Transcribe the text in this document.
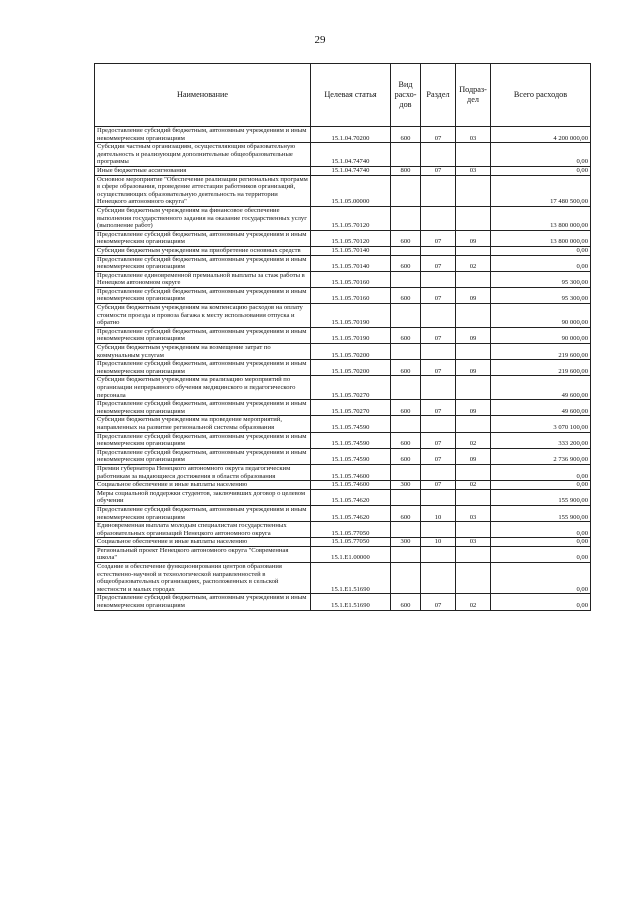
29
Наименование	Целевая статья	Вид расхо- дов	Раздел	Подраз- дел	Всего расходов
Предоставление субсидий бюджетным, автономным учреждениям и иным некоммерческим организациям	15.1.04.70200	600	07	03	4 200 000,00
Субсидии частным организациям, осуществляющим образовательную деятельность и реализующим дополнительные общеобразовательные программы	15.1.04.74740				0,00
Иные бюджетные ассигнования	15.1.04.74740	800	07	03	0,00
Основное мероприятие "Обеспечение реализации региональных программ в сфере образования, проведение аттестации работников организаций, осуществляющих образовательную деятельность на территории Ненецкого автономного округа"	15.1.05.00000				17 480 500,00
Субсидии бюджетным учреждениям на финансовое обеспечение выполнения государственного задания на оказание государственных услуг (выполнение работ)	15.1.05.70120				13 800 000,00
Предоставление субсидий бюджетным, автономным учреждениям и иным некоммерческим организациям	15.1.05.70120	600	07	09	13 800 000,00
Субсидии бюджетным учреждениям на приобретение основных средств	15.1.05.70140				0,00
Предоставление субсидий бюджетным, автономным учреждениям и иным некоммерческим организациям	15.1.05.70140	600	07	02	0,00
Предоставление единовременной премиальной выплаты за стаж работы в Ненецком автономном округе	15.1.05.70160				95 300,00
Предоставление субсидий бюджетным, автономным учреждениям и иным некоммерческим организациям	15.1.05.70160	600	07	09	95 300,00
Субсидии бюджетным учреждениям на компенсацию расходов на оплату стоимости проезда и провоза багажа к месту использования отпуска и обратно	15.1.05.70190				90 000,00
Предоставление субсидий бюджетным, автономным учреждениям и иным некоммерческим организациям	15.1.05.70190	600	07	09	90 000,00
Субсидии бюджетным учреждениям на возмещение затрат по коммунальным услугам	15.1.05.70200				219 600,00
Предоставление субсидий бюджетным, автономным учреждениям и иным некоммерческим организациям	15.1.05.70200	600	07	09	219 600,00
Субсидии бюджетным учреждениям на реализацию мероприятий по организации непрерывного обучения медицинского и педагогического персонала	15.1.05.70270				49 600,00
Предоставление субсидий бюджетным, автономным учреждениям и иным некоммерческим организациям	15.1.05.70270	600	07	09	49 600,00
Субсидии бюджетным учреждениям на проведение мероприятий, направленных на развитие региональной системы образования	15.1.05.74590				3 070 100,00
Предоставление субсидий бюджетным, автономным учреждениям и иным некоммерческим организациям	15.1.05.74590	600	07	02	333 200,00
Предоставление субсидий бюджетным, автономным учреждениям и иным некоммерческим организациям	15.1.05.74590	600	07	09	2 736 900,00
Премии губернатора Ненецкого автономного округа педагогическим работникам за выдающиеся достижения в области образования	15.1.05.74600				0,00
Социальное обеспечение и иные выплаты населению	15.1.05.74600	300	07	02	0,00
Меры социальной поддержки студентов, заключивших договор о целевом обучении	15.1.05.74620				155 900,00
Предоставление субсидий бюджетным, автономным учреждениям и иным некоммерческим организациям	15.1.05.74620	600	10	03	155 900,00
Единовременная выплата молодым специалистам государственных образовательных организаций Ненецкого автономного округа	15.1.05.77050				0,00
Социальное обеспечение и иные выплаты населению	15.1.05.77050	300	10	03	0,00
Региональный проект Ненецкого автономного округа "Современная школа"	15.1.E1.00000				0,00
Создание и обеспечение функционирования центров образования естественно-научной и технологической направленностей в общеобразовательных организациях, расположенных в сельской местности и малых городах	15.1.E1.51690				0,00
Предоставление субсидий бюджетным, автономным учреждениям и иным некоммерческим организациям	15.1.E1.51690	600	07	02	0,00
